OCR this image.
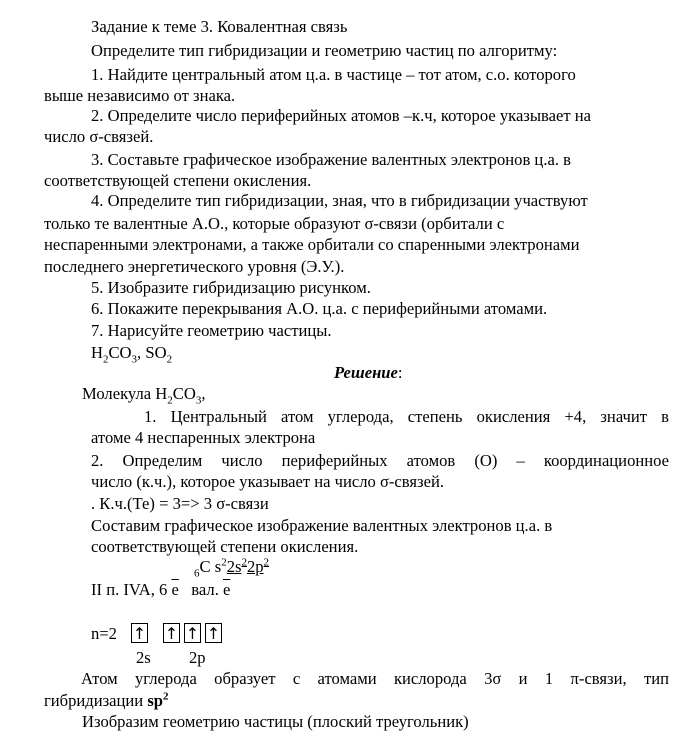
Задание к теме 3. Ковалентная связь
Определите тип гибридизации и геометрию частиц по алгоритму:
1. Найдите центральный атом ц.а. в частице – тот атом, с.о. которого
выше независимо от знака.
2. Определите число периферийных атомов –к.ч, которое указывает на
число σ-связей.
3. Составьте графическое изображение валентных электронов ц.а. в
соответствующей степени окисления.
4. Определите тип гибридизации, зная, что в гибридизации участвуют
только те валентные А.О., которые образуют σ-связи (орбитали с
неспаренными электронами, а также орбитали со спаренными электронами
последнего энергетического уровня (Э.У.).
5. Изобразите гибридизацию рисунком.
6. Покажите перекрывания А.О. ц.а. с периферийными атомами.
7. Нарисуйте геометрию частицы.
$H_2CO_3$, $SO_2$
Решение:
Молекула $H_2CO_3$,
1. Центральный атом углерода, степень окисления +4, значит в
атоме 4 неспаренных электрона
2. Определим число периферийных атомов (О) – координационное
число (к.ч.), которое указывает на число σ-связей.
. К.ч.(Те) = 3=> 3 σ-связи
Составим графическое изображение валентных электронов ц.а. в
соответствующей степени окисления.
$_6$C $s^22s^22p^2$
II п. IVA, 6 $\overline{e}$   вал. $\overline{e}$
n=2 ↑ ↑ ↑ ↑
2s 2p
Атом углерода образует с атомами кислорода 3σ и 1 π-связи, тип
гибридизации $sp^2$
Изобразим геометрию частицы (плоский треугольник)
